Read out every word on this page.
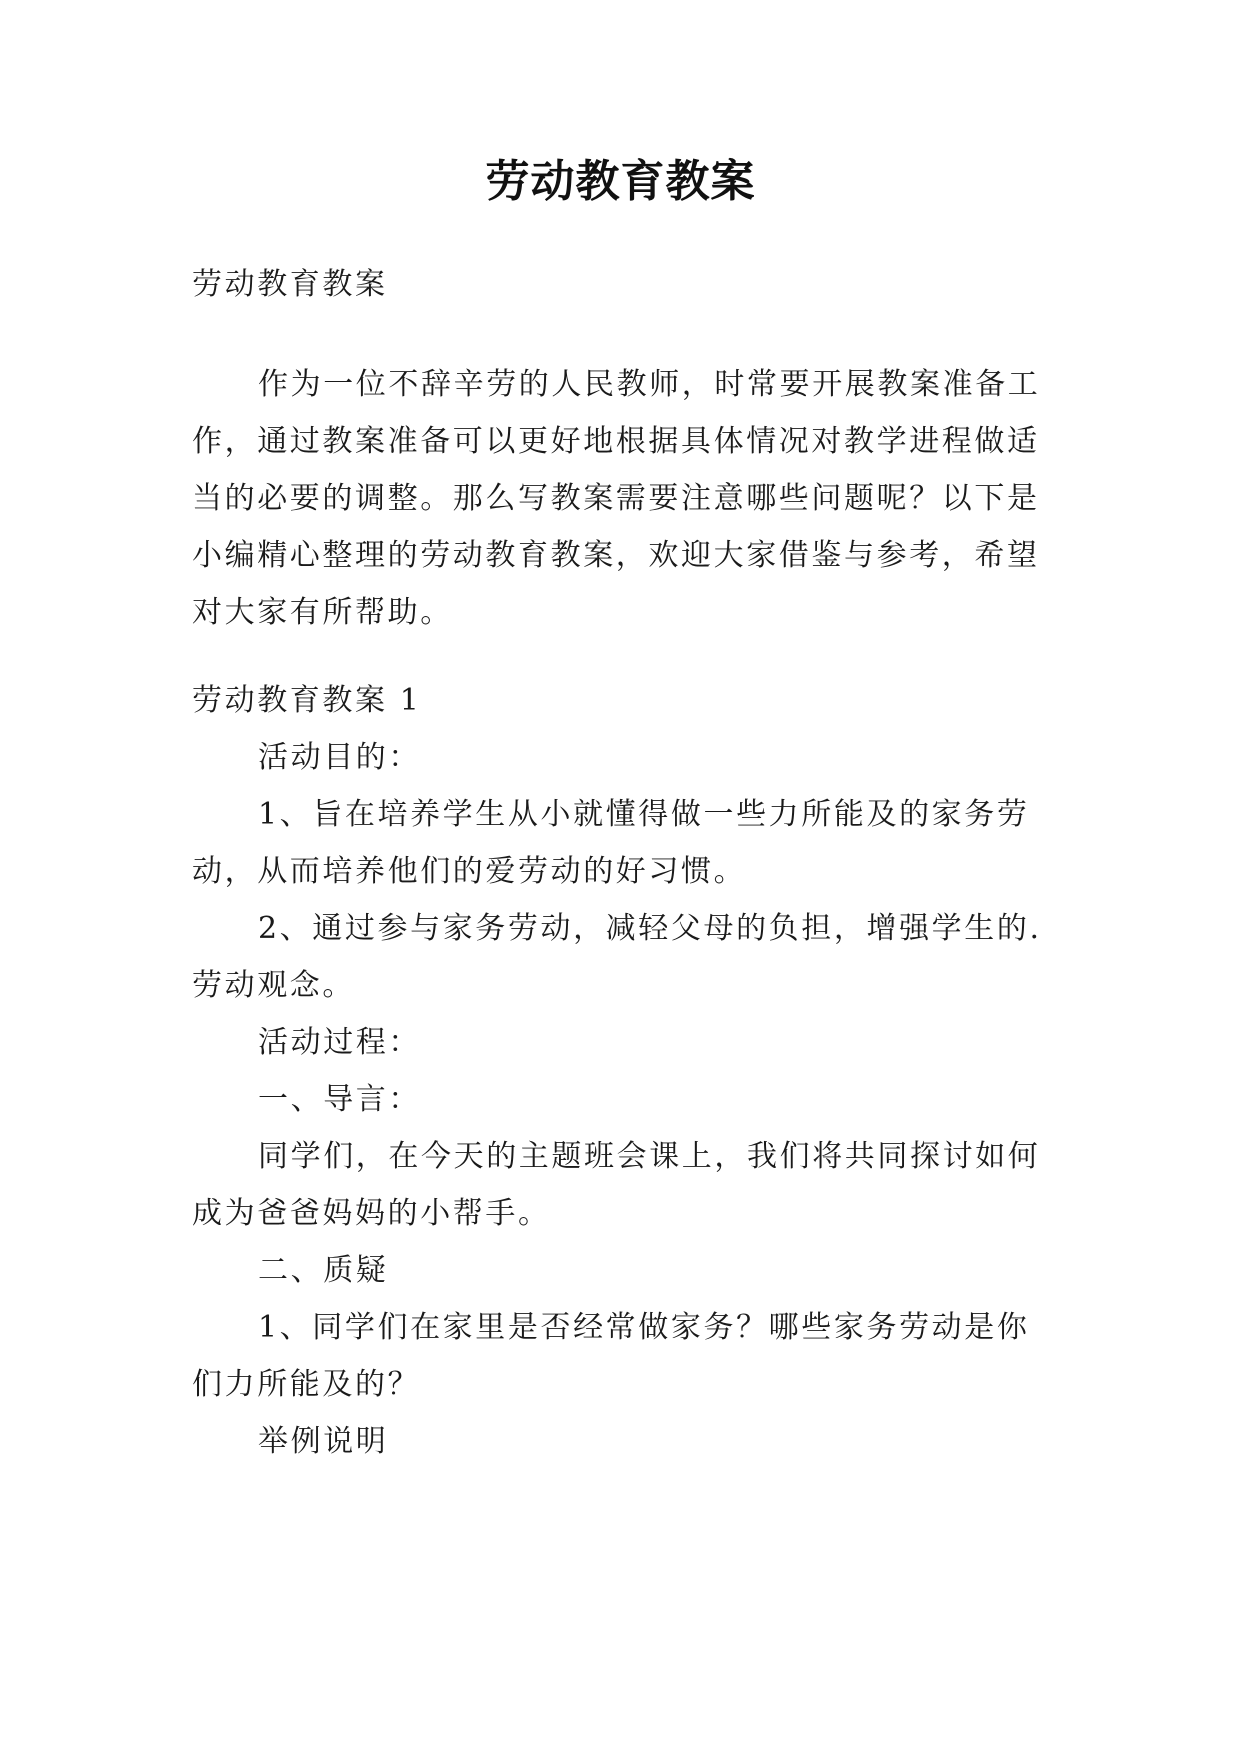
劳动教育教案

劳动教育教案

作为一位不辞辛劳的人民教师，时常要开展教案准备工

作，通过教案准备可以更好地根据具体情况对教学进程做适

当的必要的调整。那么写教案需要注意哪些问题呢？以下是

小编精心整理的劳动教育教案，欢迎大家借鉴与参考，希望

对大家有所帮助。

劳动教育教案 1

活动目的：

1、旨在培养学生从小就懂得做一些力所能及的家务劳

动，从而培养他们的爱劳动的好习惯。

2、通过参与家务劳动，减轻父母的负担，增强学生的.

劳动观念。

活动过程：

一、导言：

同学们，在今天的主题班会课上，我们将共同探讨如何

成为爸爸妈妈的小帮手。

二、质疑

1、同学们在家里是否经常做家务？哪些家务劳动是你

们力所能及的？

举例说明
